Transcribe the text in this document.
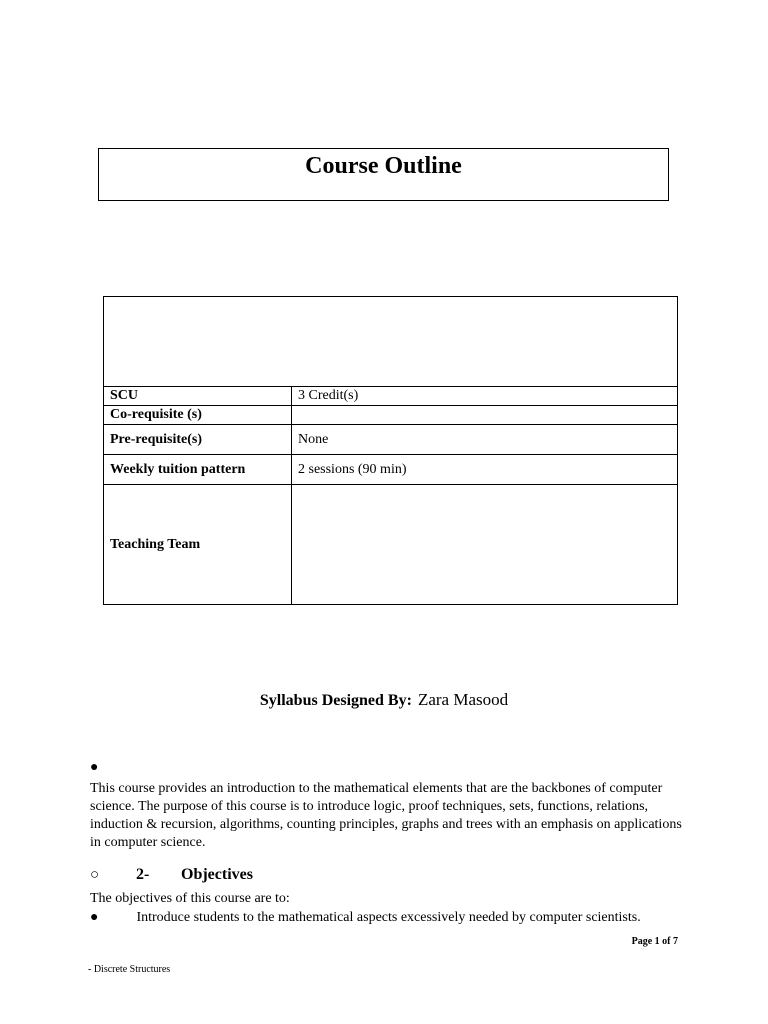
Course Outline

SCU	3 Credit(s)
Co-requisite (s)	
Pre-requisite(s)	None
Weekly tuition pattern	2 sessions (90 min)
Teaching Team	
Syllabus Designed By: Zara Masood
●
This course provides an introduction to the mathematical elements that are the backbones of computer science. The purpose of this course is to introduce logic, proof techniques, sets, functions, relations, induction & recursion, algorithms, counting principles, graphs and trees with an emphasis on applications in computer science.
○ 2-	Objectives
The objectives of this course are to:
●	Introduce students to the mathematical aspects excessively needed by computer scientists.
Page 1 of 7
- Discrete Structures
